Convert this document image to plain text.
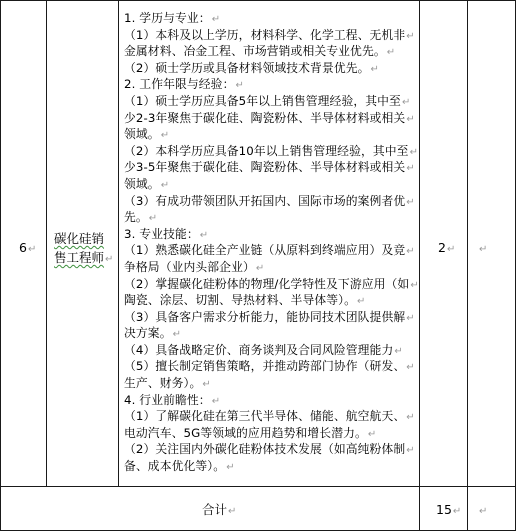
6↵
碳化硅销
售工程师↵
1. 学历与专业：↵
（1）本科及以上学历，材料科学、化学工程、无机非↵
金属材料、冶金工程、市场营销或相关专业优先。↵
（2）硕士学历或具备材料领域技术背景优先。↵
2. 工作年限与经验：↵
（1）硕士学历应具备5年以上销售管理经验，其中至↵
少2-3年聚焦于碳化硅、陶瓷粉体、半导体材料或相关↵
领域。↵
（2）本科学历应具备10年以上销售管理经验，其中至↵
少3-5年聚焦于碳化硅、陶瓷粉体、半导体材料或相关↵
领域。↵
（3）有成功带领团队开拓国内、国际市场的案例者优↵
先。↵
3. 专业技能：↵
（1）熟悉碳化硅全产业链（从原料到终端应用）及竞↵
争格局（业内头部企业）↵
（2）掌握碳化硅粉体的物理/化学特性及下游应用（如↵
陶瓷、涂层、切割、导热材料、半导体等）。↵
（3）具备客户需求分析能力，能协同技术团队提供解↵
决方案。↵
（4）具备战略定价、商务谈判及合同风险管理能力↵
（5）擅长制定销售策略，并推动跨部门协作（研发、↵
生产、财务）。↵
4. 行业前瞻性：↵
（1）了解碳化硅在第三代半导体、储能、航空航天、↵
电动汽车、5G等领域的应用趋势和增长潜力。↵
（2）关注国内外碳化硅粉体技术发展（如高纯粉体制↵
备、成本优化等）。↵
2↵ ↵
合计↵	15↵ ↵
